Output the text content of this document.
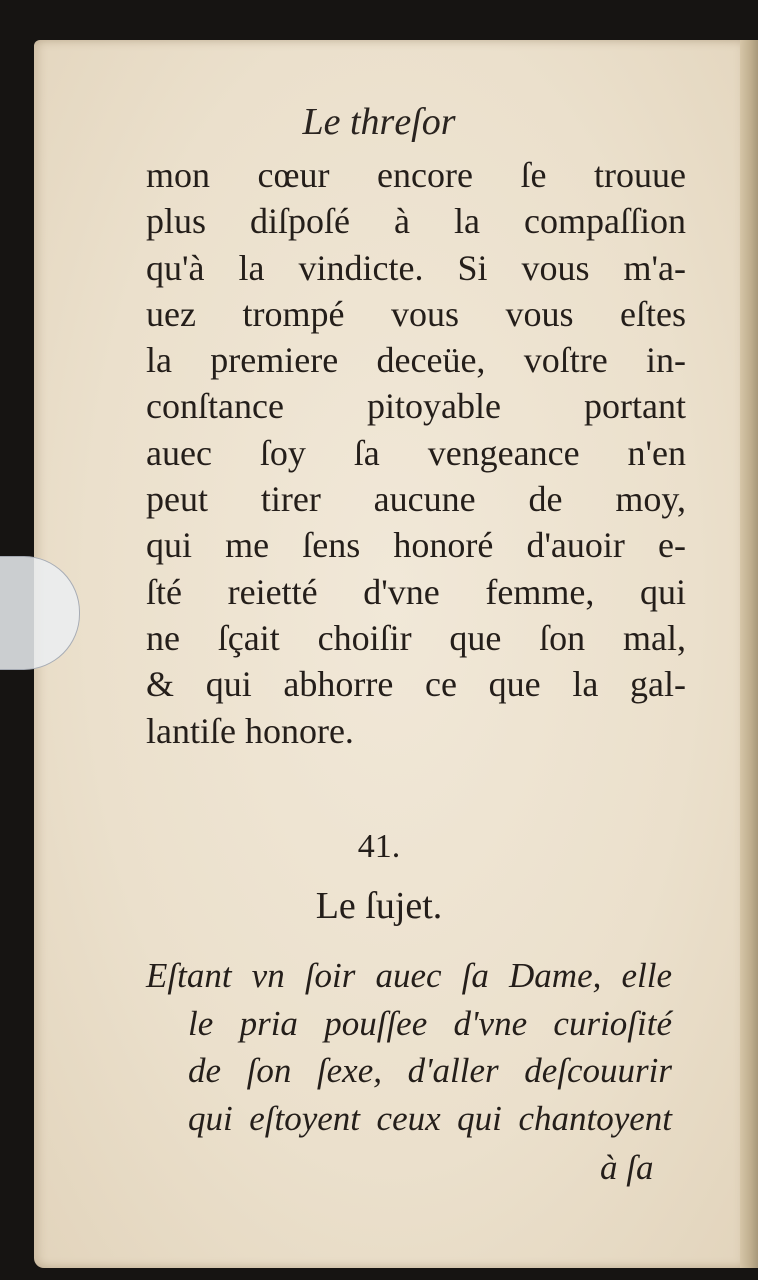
Le thrеſor
mon cœur encore ſe trouue
plus diſpoſé à la compaſſion
qu'à la vindicte. Si vous m'a-
uez trompé vous vous eſtes
la premiere deceüe, voſtre in-
conſtance pitoyable portant
auec ſoy ſa vengeance n'en
peut tirer aucune de moy,
qui me ſens honoré d'auoir e-
ſté reietté d'vne femme, qui
ne ſçait choiſir que ſon mal,
& qui abhorre ce que la gal-
lantiſe honore.
41.
Le ſujet.
Eſtant vn ſoir auec ſa Dame, elle
le pria pouſſee d'vne curioſité
de ſon ſexe, d'aller deſcouurir
qui eſtoyent ceux qui chantoyent
à ſa
